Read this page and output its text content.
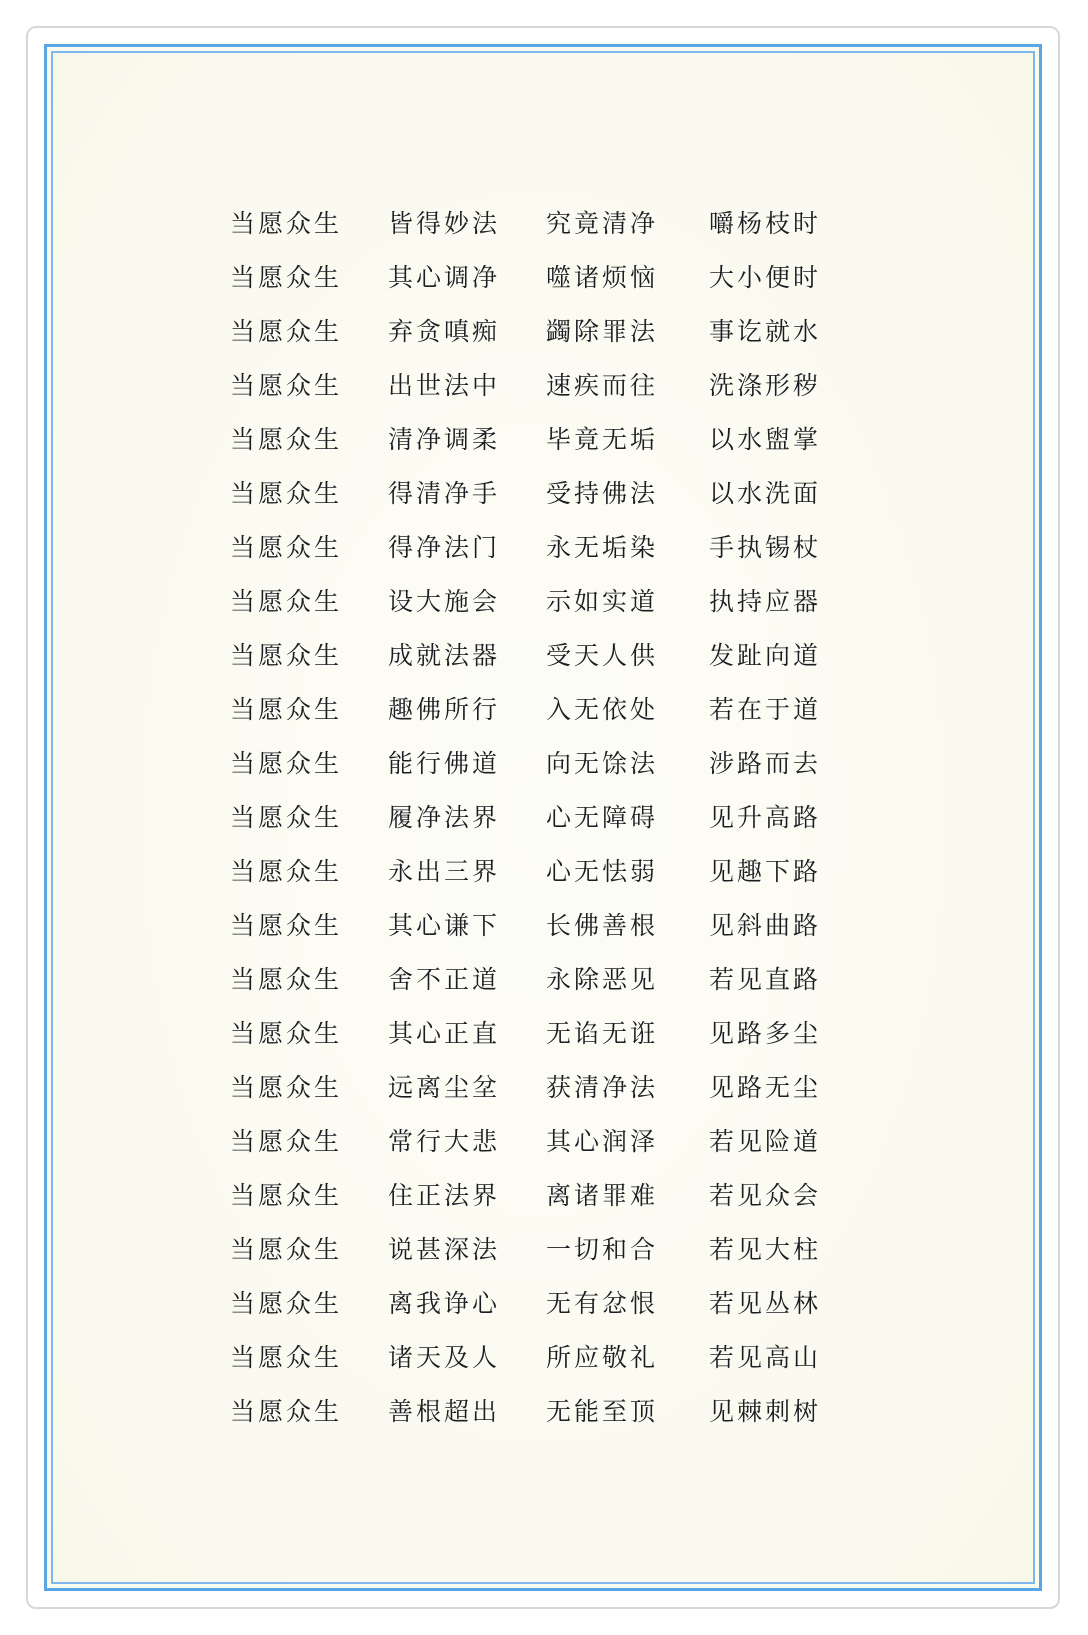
当愿众生	皆得妙法	究竟清净	嚼杨枝时
当愿众生	其心调净	噬诸烦恼	大小便时
当愿众生	弃贪嗔痴	蠲除罪法	事讫就水
当愿众生	出世法中	速疾而往	洗涤形秽
当愿众生	清净调柔	毕竟无垢	以水盥掌
当愿众生	得清净手	受持佛法	以水洗面
当愿众生	得净法门	永无垢染	手执锡杖
当愿众生	设大施会	示如实道	执持应器
当愿众生	成就法器	受天人供	发趾向道
当愿众生	趣佛所行	入无依处	若在于道
当愿众生	能行佛道	向无馀法	涉路而去
当愿众生	履净法界	心无障碍	见升高路
当愿众生	永出三界	心无怯弱	见趣下路
当愿众生	其心谦下	长佛善根	见斜曲路
当愿众生	舍不正道	永除恶见	若见直路
当愿众生	其心正直	无谄无诳	见路多尘
当愿众生	远离尘坌	获清净法	见路无尘
当愿众生	常行大悲	其心润泽	若见险道
当愿众生	住正法界	离诸罪难	若见众会
当愿众生	说甚深法	一切和合	若见大柱
当愿众生	离我诤心	无有忿恨	若见丛林
当愿众生	诸天及人	所应敬礼	若见高山
当愿众生	善根超出	无能至顶	见棘刺树
